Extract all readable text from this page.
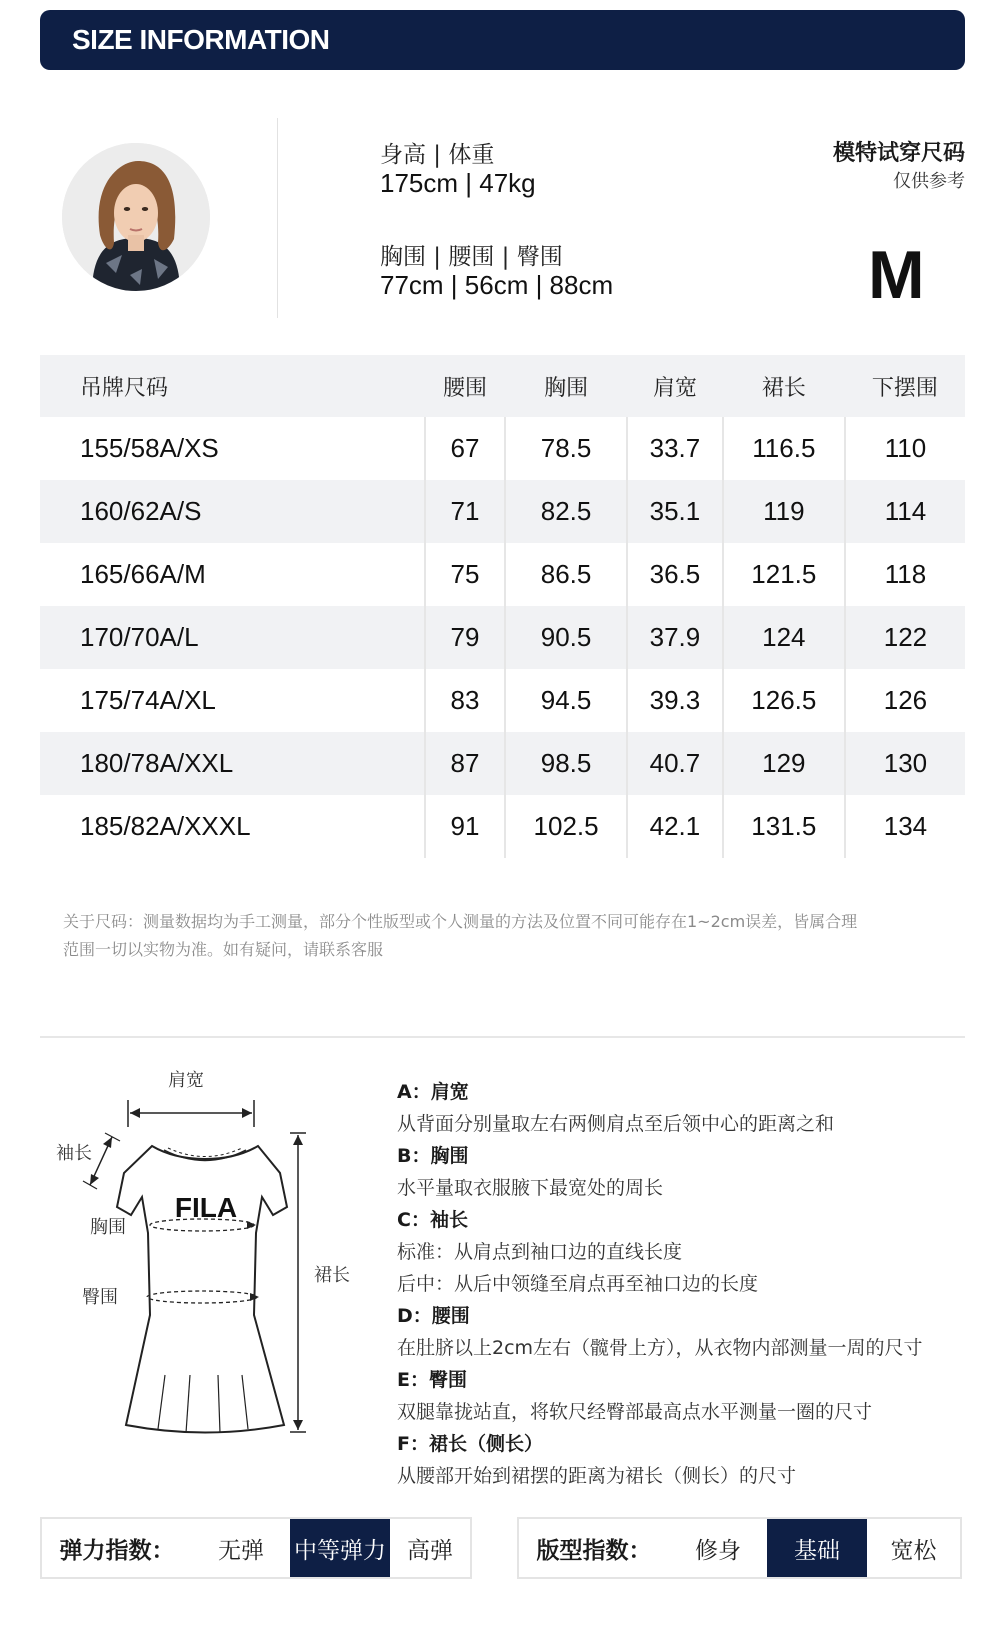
SIZE INFORMATION
身高 | 体重
175cm | 47kg
胸围 | 腰围 | 臀围
77cm | 56cm | 88cm
模特试穿尺码
仅供参考
M
吊牌尺码	腰围	胸围	肩宽	裙长	下摆围
155/58A/XS	67	78.5	33.7	116.5	110
160/62A/S	71	82.5	35.1	119	114
165/66A/M	75	86.5	36.5	121.5	118
170/70A/L	79	90.5	37.9	124	122
175/74A/XL	83	94.5	39.3	126.5	126
180/78A/XXL	87	98.5	40.7	129	130
185/82A/XXXL	91	102.5	42.1	131.5	134
关于尺码：测量数据均为手工测量，部分个性版型或个人测量的方法及位置不同可能存在1~2cm误差，皆属合理
范围一切以实物为准。如有疑问，请联系客服
FILA
肩宽
袖长
胸围
臀围
裙长
A：肩宽
从背面分别量取左右两侧肩点至后领中心的距离之和
B：胸围
水平量取衣服腋下最宽处的周长
C：袖长
标准：从肩点到袖口边的直线长度
后中：从后中领缝至肩点再至袖口边的长度
D：腰围
在肚脐以上2cm左右（髋骨上方），从衣物内部测量一周的尺寸
E：臀围
双腿靠拢站直，将软尺经臀部最高点水平测量一圈的尺寸
F：裙长（侧长）
从腰部开始到裙摆的距离为裙长（侧长）的尺寸
弹力指数：	无弹	中等弹力 高弹	版型指数：	修身	基础	宽松
